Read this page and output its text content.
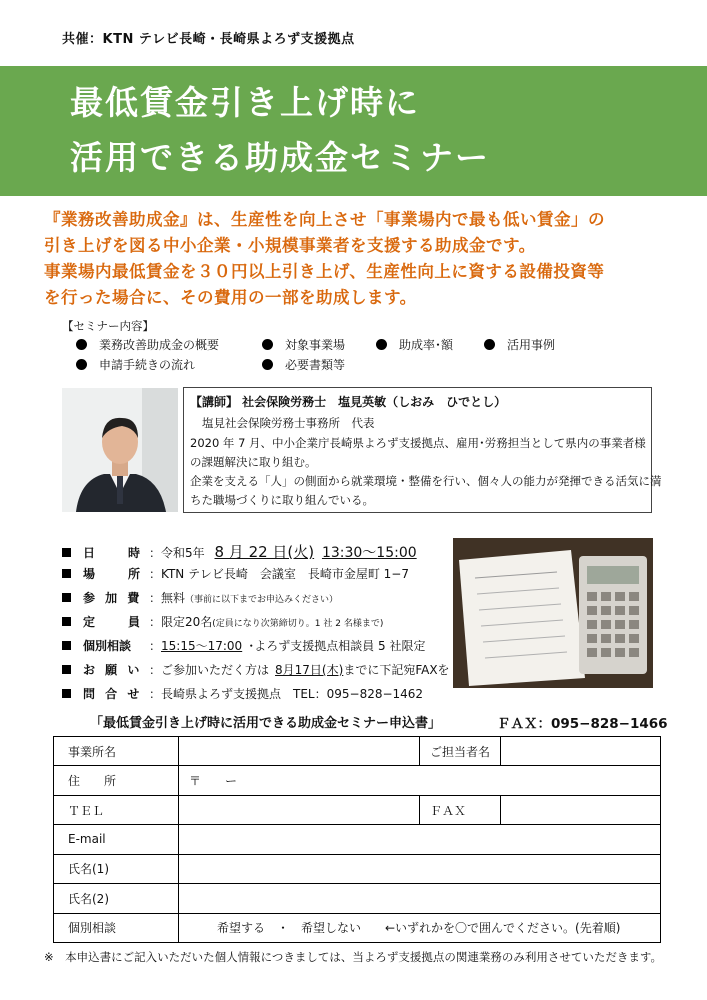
共催：KTN テレビ長崎・長崎県よろず支援拠点
最低賃金引き上げ時に
活用できる助成金セミナー
『業務改善助成金』は、生産性を向上させ「事業場内で最も低い賃金」の
引き上げを図る中小企業・小規模事業者を支援する助成金です。
事業場内最低賃金を３０円以上引き上げ、生産性向上に資する設備投資等
を行った場合に、その費用の一部を助成します。
【セミナー内容】
業務改善助成金の概要	対象事業場	助成率･額	活用事例
申請手続きの流れ	必要書類等
【講師】 社会保険労務士　塩見英敏（しおみ　ひでとし）
塩見社会保険労務士事務所　代表
2020 年 7 月、中小企業庁長崎県よろず支援拠点、雇用･労務担当として県内の事業者様
の課題解決に取り組む。
企業を支える「人」の側面から就業環境・整備を行い、個々人の能力が発揮できる活気に満
ちた職場づくりに取り組んでいる。
日　　時 ：令和5年 8 月 22 日(火) 13:30～15:00
場　　所 ：KTN テレビ長崎　会議室　長崎市金屋町 1−7
参 加 費 ：無料（事前に以下までお申込みください）
定　　員 ：限定20名(定員になり次第締切り。1 社 2 名様まで)
個別相談 ：15:15～17:00 ･よろず支援拠点相談員 5 社限定
お 願 い ：ご参加いただく方は 8月17日(木)までに下記宛FAXを
問 合 せ ：長崎県よろず支援拠点　TEL：095−828−1462
「最低賃金引き上げ時に活用できる助成金セミナー申込書」	ＦＡＸ：095−828−1466
事業所名		ご担当者名	
住　　所	〒　　ー		
ＴＥＬ		ＦＡＸ	
E-mail			
氏名(1)			
氏名(2)			
個別相談	希望する　・　希望しない　　←いずれかを〇で囲んでください。(先着順)		
※　本申込書にご記入いただいた個人情報につきましては、当よろず支援拠点の関連業務のみ利用させていただきます。
